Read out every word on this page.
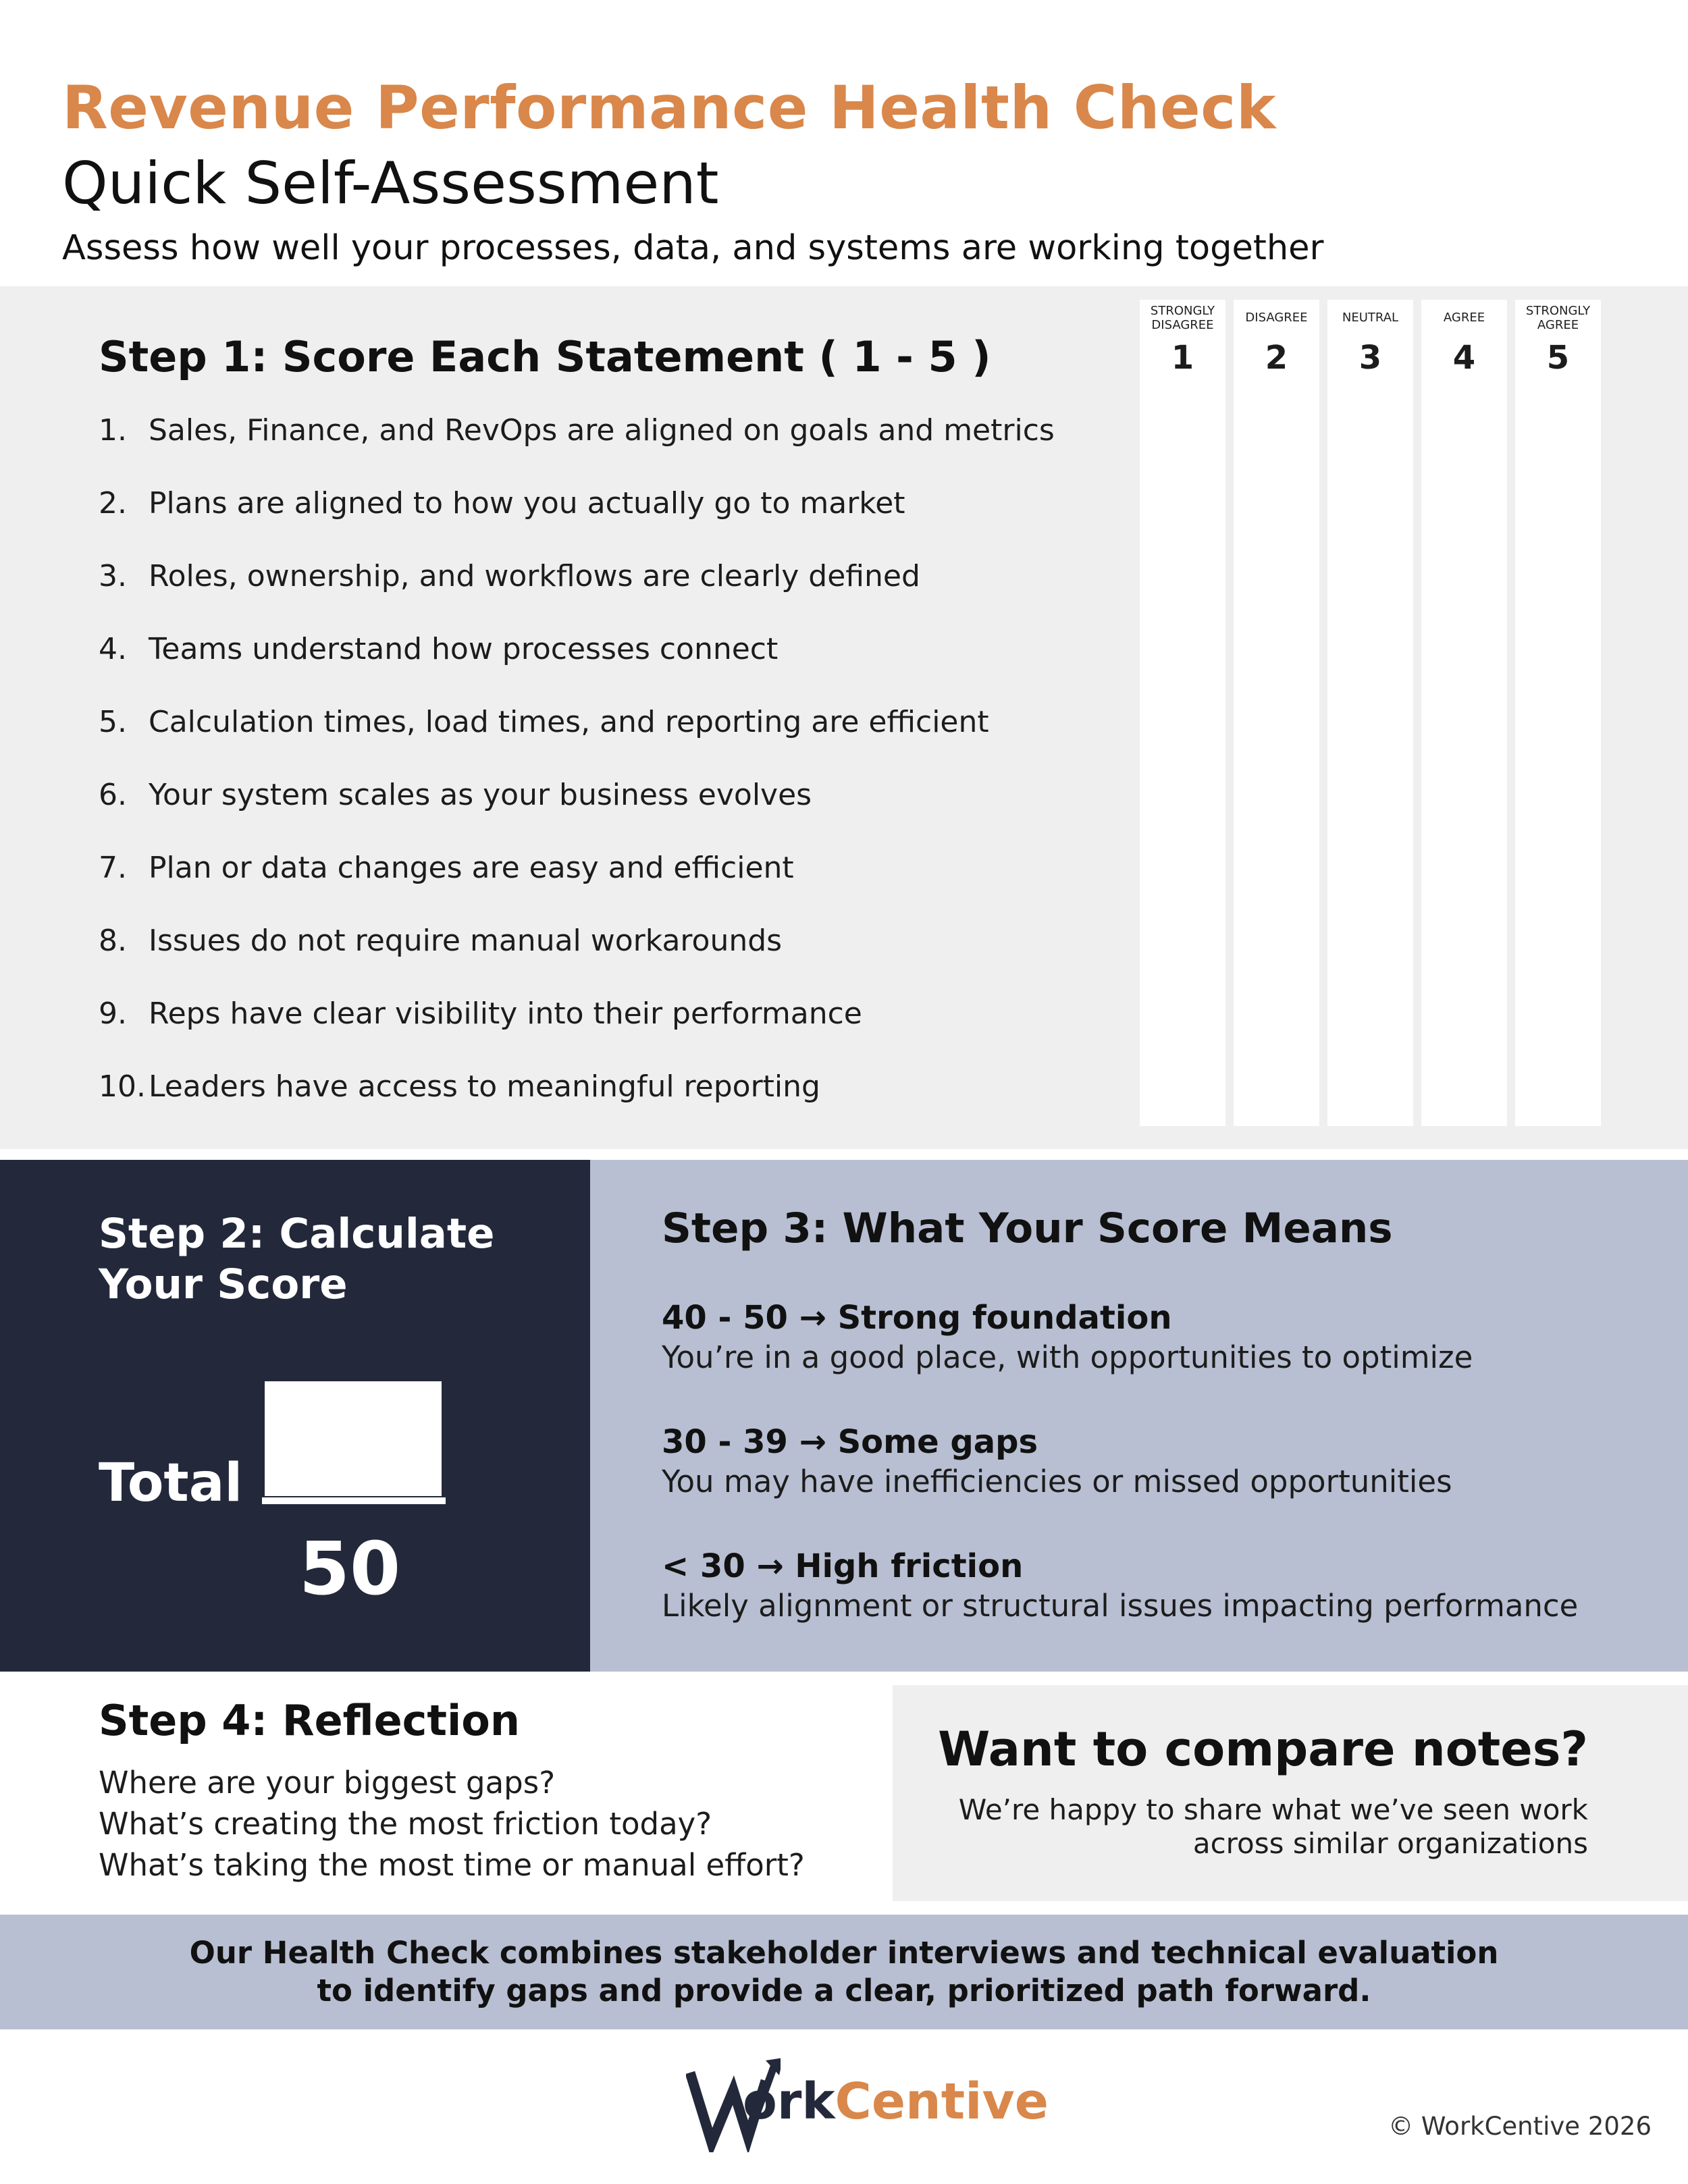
Revenue Performance Health Check
Quick Self-Assessment
Assess how well your processes, data, and systems are working together
Step 1: Score Each Statement ( 1 - 5 )
STRONGLY
DISAGREE
1
DISAGREE
2
NEUTRAL
3
AGREE
4
STRONGLY
AGREE
5
1. Sales, Finance, and RevOps are aligned on goals and metrics
2. Plans are aligned to how you actually go to market
3. Roles, ownership, and workflows are clearly defined
4. Teams understand how processes connect
5. Calculation times, load times, and reporting are efficient
6. Your system scales as your business evolves
7. Plan or data changes are easy and efficient
8. Issues do not require manual workarounds
9. Reps have clear visibility into their performance
10.Leaders have access to meaningful reporting
Step 2: Calculate Your Score
Total
50
Step 3: What Your Score Means
40 - 50 → Strong foundation
You’re in a good place, with opportunities to optimize
30 - 39 → Some gaps
You may have inefficiencies or missed opportunities
< 30 → High friction
Likely alignment or structural issues impacting performance
Step 4: Reflection
Where are your biggest gaps?
What’s creating the most friction today?
What’s taking the most time or manual effort?
Want to compare notes?
We’re happy to share what we’ve seen work
across similar organizations
Our Health Check combines stakeholder interviews and technical evaluation
to identify gaps and provide a clear, prioritized path forward.
orkCentive	© WorkCentive 2026
